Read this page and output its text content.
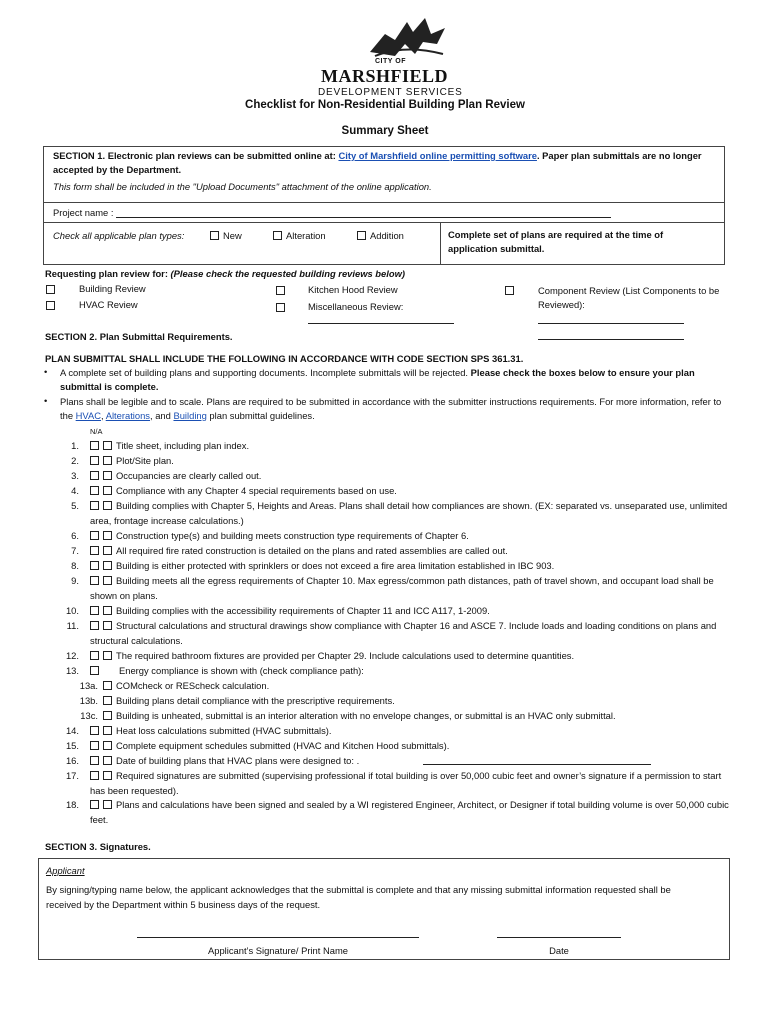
CITY OF
MARSHFIELD
DEVELOPMENT SERVICES
Checklist for Non-Residential Building Plan Review
Summary Sheet
SECTION 1. Electronic plan reviews can be submitted online at: City of Marshfield online permitting software. Paper plan submittals are no longer accepted by the Department.
This form shall be included in the "Upload Documents" attachment of the online application.
Project name :
Check all applicable plan types:	New	Alteration	Addition	Complete set of plans are required at the time of application submittal.
Requesting plan review for: (Please check the requested building reviews below)
Building Review
HVAC Review
Kitchen Hood Review
Miscellaneous Review:
Component Review (List Components to be Reviewed):
SECTION 2. Plan Submittal Requirements.
PLAN SUBMITTAL SHALL INCLUDE THE FOLLOWING IN ACCORDANCE WITH CODE SECTION SPS 361.31.
• A complete set of building plans and supporting documents. Incomplete submittals will be rejected. Please check the boxes below to ensure your plan submittal is complete.
• Plans shall be legible and to scale. Plans are required to be submitted in accordance with the submitter instructions requirements. For more information, refer to the HVAC, Alterations, and Building plan submittal guidelines.
N/A
1.	Title sheet, including plan index.
2.	Plot/Site plan.
3.	Occupancies are clearly called out.
4.	Compliance with any Chapter 4 special requirements based on use.
5.	Building complies with Chapter 5, Heights and Areas. Plans shall detail how compliances are shown. (EX: separated vs. unseparated use, unlimited area, frontage increase calculations.)
6.	Construction type(s) and building meets construction type requirements of Chapter 6.
7.	All required fire rated construction is detailed on the plans and rated assemblies are called out.
8.	Building is either protected with sprinklers or does not exceed a fire area limitation established in IBC 903.
9.	Building meets all the egress requirements of Chapter 10. Max egress/common path distances, path of travel shown, and occupant load shall be shown on plans.
10.	Building complies with the accessibility requirements of Chapter 11 and ICC A117, 1-2009.
11.	Structural calculations and structural drawings show compliance with Chapter 16 and ASCE 7. Include loads and loading conditions on plans and structural calculations.
12.	The required bathroom fixtures are provided per Chapter 29. Include calculations used to determine quantities.
13.	Energy compliance is shown with (check compliance path):
13a.	COMcheck or REScheck calculation.
13b.	Building plans detail compliance with the prescriptive requirements.
13c.	Building is unheated, submittal is an interior alteration with no envelope changes, or submittal is an HVAC only submittal.
14.	Heat loss calculations submitted (HVAC submittals).
15.	Complete equipment schedules submitted (HVAC and Kitchen Hood submittals).
16.	Date of building plans that HVAC plans were designed to: .
17.	Required signatures are submitted (supervising professional if total building is over 50,000 cubic feet and owner’s signature if a permission to start has been requested).
18.	Plans and calculations have been signed and sealed by a WI registered Engineer, Architect, or Designer if total building volume is over 50,000 cubic feet.
SECTION 3. Signatures.
Applicant
By signing/typing name below, the applicant acknowledges that the submittal is complete and that any missing submittal information requested shall be received by the Department within 5 business days of the request.
Applicant’s Signature/ Print Name	Date
